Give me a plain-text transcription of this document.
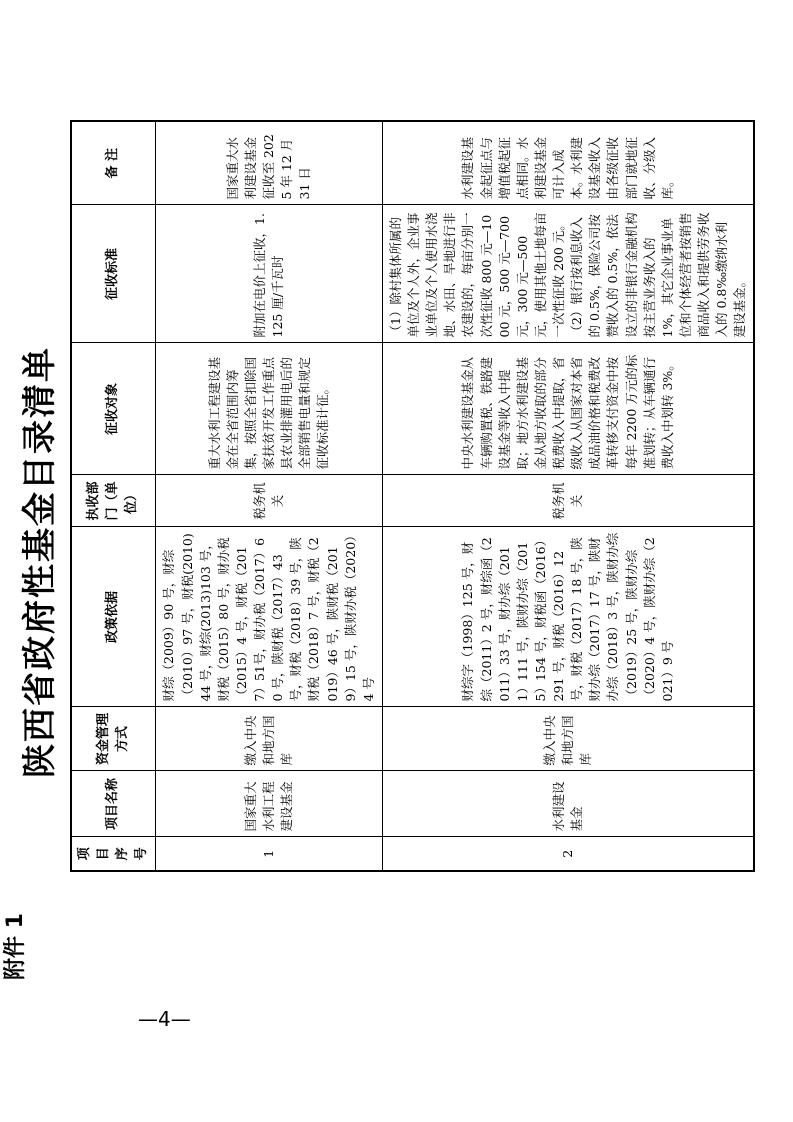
附件 1
陕西省政府性基金目录清单
项目序号	项目名称	资金管理方式	政策依据	执收部门（单位）	征收对象	征收标准	备 注
1	国家重大水利工程建设基金	缴入中央和地方国库	财综（2009）90 号，财综（2010）97 号，财税(2010)44 号，财综(2013)103 号，财税（2015）80 号，财办税（2015）4 号，财税（2017）51号，财办税（2017）60 号，陕财税（2017）43 号，财税（2018）39 号，陕财税（2018）7 号，财税（2019）46 号，陕财税（2019）15 号，陕财办税（2020）4 号	税务机关	重大水利工程建设基金在全省范围内筹集，按照全省扣除国家扶贫开发工作重点县农业排灌用电后的全部销售电量和规定征收标准计征。	附加在电价上征收，1.125 厘/千瓦时	国家重大水利建设基金征收至 2025 年 12 月 31 日
2	水利建设基金	缴入中央和地方国库	财综字（1998）125 号，财综（2011）2 号，财综函（2011）33 号，财办综（2011）111 号，陕财办综（2015）154 号，财税函（2016）291 号，财税（2016）12 号，财税（2017）18 号，陕财办综（2017）17 号，陕财办综（2018）3 号，陕财办综（2019）25 号，陕财办综（2020）4 号，陕财办综（2021）9 号	税务机关	中央水利建设基金从车辆购置税、铁路建设基金等收入中提取；地方水利建设基金从地方收取的部分税费收入中提取，省级收入从国家对本省成品油价格和税费改革转移支付资金中按每年 2200 万元的标准划转；从车辆通行费收入中划转 3%。	（1）除村集体所属的单位及个人外，企业事业单位及个人使用水浇地、水田、旱地进行非农建设的，每亩分别一次性征收 800 元—1000 元，500 元—700 元，300 元—500 元，使用其他土地每亩一次性征收 200 元。（2）银行按利息收入的 0.5%，保险公司按赞收入的 0.5%，依法设立的非银行金融机构按主营业务收入的 1%，其它企业事业单位和个体经营者按销售商品收入和提供劳务收入的 0.8‰缴纳水利建设基金。	水利建设基金起征点与增值税起征点相同。水利建设基金可计入成本。水利建设基金收入由各级征收部门就地征收、分级入库。
—4—
